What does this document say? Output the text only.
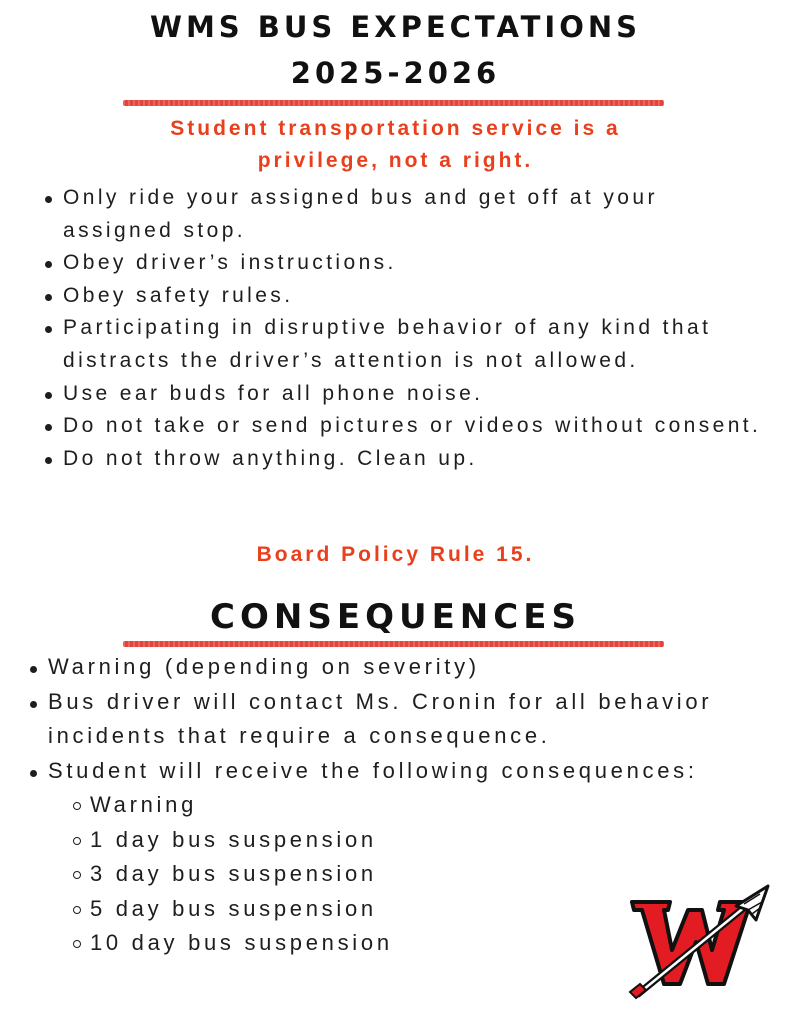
WMS BUS EXPECTATIONS
2025-2026
Student transportation service is a
privilege, not a right.
Only ride your assigned bus and get off at your assigned stop.
Obey driver’s instructions.
Obey safety rules.
Participating in disruptive behavior of any kind that distracts the driver’s attention is not allowed.
Use ear buds for all phone noise.
Do not take or send pictures or videos without consent.
Do not throw anything. Clean up.
Board Policy Rule 15.
CONSEQUENCES
Warning (depending on severity)
Bus driver will contact Ms. Cronin for all behavior incidents that require a consequence.
Student will receive the following consequences:
Warning
1 day bus suspension
3 day bus suspension
5 day bus suspension
10 day bus suspension
